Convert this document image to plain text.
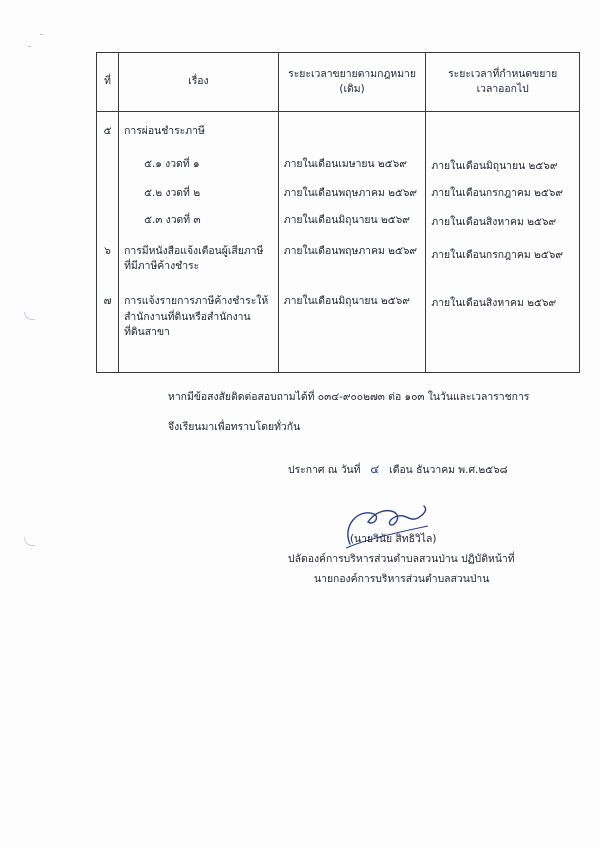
ที่	เรื่อง	ระยะเวลาขยายตามกฎหมาย (เดิม)	ระยะเวลาที่กำหนดขยายเวลาออกไป

๕	การผ่อนชำระภาษี		

	๕.๑ งวดที่ ๑	ภายในเดือนเมษายน ๒๕๖๙	ภายในเดือนมิถุนายน ๒๕๖๙

	๕.๒ งวดที่ ๒	ภายในเดือนพฤษภาคม ๒๕๖๙	ภายในเดือนกรกฎาคม ๒๕๖๙

	๕.๓ งวดที่ ๓	ภายในเดือนมิถุนายน ๒๕๖๙	ภายในเดือนสิงหาคม ๒๕๖๙

๖	การมีหนังสือแจ้งเตือนผู้เสียภาษีที่มีภาษีค้างชำระ	ภายในเดือนพฤษภาคม ๒๕๖๙	ภายในเดือนกรกฎาคม ๒๕๖๙

๗	การแจ้งรายการภาษีค้างชำระให้สำนักงานที่ดินหรือสำนักงานที่ดินสาขา	ภายในเดือนมิถุนายน ๒๕๖๙	ภายในเดือนสิงหาคม ๒๕๖๙
หากมีข้อสงสัยติดต่อสอบถามได้ที่ ๐๓๔-๙๐๐๒๗๓ ต่อ ๑๐๓ ในวันและเวลาราชการ
จึงเรียนมาเพื่อทราบโดยทั่วกัน
ประกาศ ณ วันที่ ๔ เดือน ธันวาคม พ.ศ.๒๕๖๘
(นายวินัย สิทธิวิไล)
ปลัดองค์การบริหารส่วนตำบลสวนป่าน ปฏิบัติหน้าที่
นายกองค์การบริหารส่วนตำบลสวนป่าน
